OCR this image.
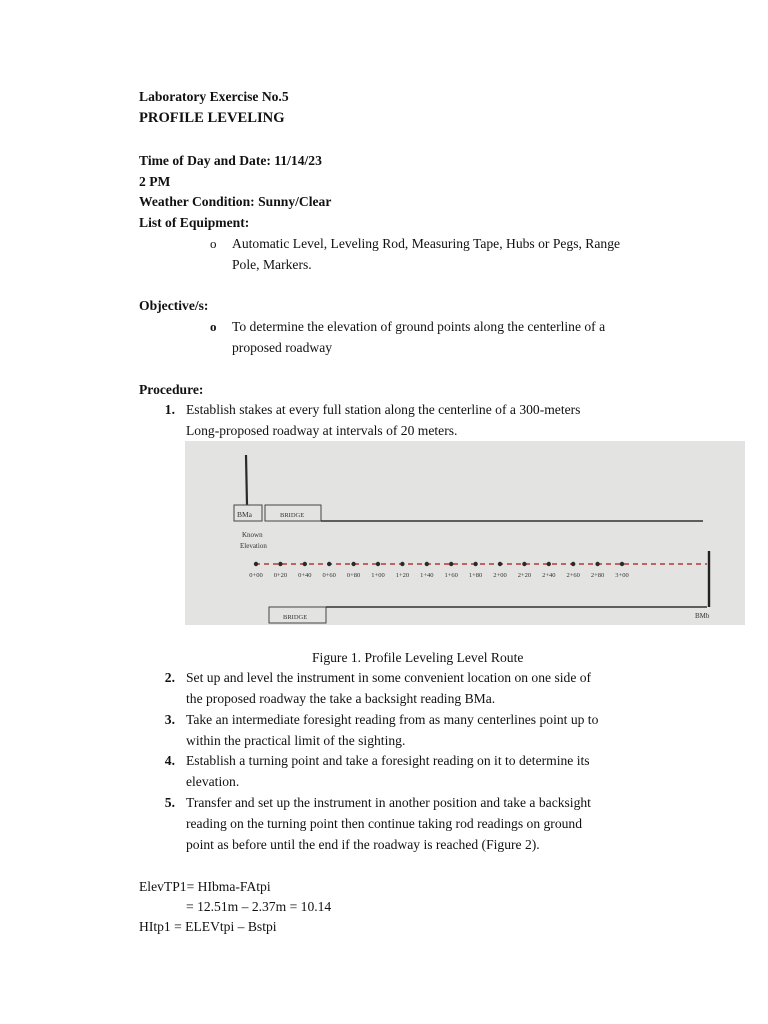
Laboratory Exercise No.5
PROFILE LEVELING
Time of Day and Date: 11/14/23
2 PM
Weather Condition: Sunny/Clear
List of Equipment:
o Automatic Level, Leveling Rod, Measuring Tape, Hubs or Pegs, Range
Pole, Markers.
Objective/s:
o To determine the elevation of ground points along the centerline of a
proposed roadway
Procedure:
1. Establish stakes at every full station along the centerline of a 300-meters
Long-proposed roadway at intervals of 20 meters.
BMa	BRIDGE
Known
Elevation
0+00 0+20 0+40 0+60 0+80 1+00 1+20 1+40 1+60 1+80 2+00 2+20 2+40 2+60 2+80 3+00
BRIDGE	BMb
Figure 1. Profile Leveling Level Route
2. Set up and level the instrument in some convenient location on one side of
the proposed roadway the take a backsight reading BMa.
3. Take an intermediate foresight reading from as many centerlines point up to
within the practical limit of the sighting.
4. Establish a turning point and take a foresight reading on it to determine its
elevation.
5. Transfer and set up the instrument in another position and take a backsight
reading on the turning point then continue taking rod readings on ground
point as before until the end if the roadway is reached (Figure 2).
ElevTP1= HIbma-FAtpi
= 12.51m – 2.37m = 10.14
HItp1 = ELEVtpi – Bstpi
